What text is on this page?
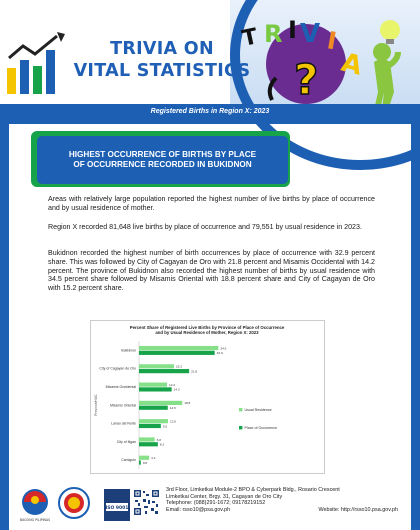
TRIVIA ON
VITAL STATISTICS
T R I V I
A
?
Registered Births in Region X: 2023
HIGHEST OCCURRENCE OF BIRTHS BY PLACE OF OCCURRENCE RECORDED IN BUKIDNON

Areas with relatively large population reported the highest number of live births by place of occurrence and by usual residence of mother.

Region X recorded 81,648 live births by place of occurrence and 79,551 by usual residence in 2023.

Bukidnon recorded the highest number of birth occurrences by place of occurrence with 32.9 percent share. This was followed by City of Cagayan de Oro with 21.8 percent and Misamis Occidental with 14.2 percent. The province of Bukidnon also recorded the highest number of births by usual residence with 34.5 percent share followed by Misamis Oriental with 18.8 percent share and City of Cagayan de Oro with 15.2 percent share.

Percent Share of Registered Live Births by Province of Place of Occurrence and by Usual Residence of Mother, Region X: 2023
Province/HUC
Bukidnon
34.5
32.9
City of Cagayan de Oro
15.2
21.8
Misamis Occidental
12.2
14.2
Misamis Oriental
18.8
12.5
Lanao del Norte
12.6
9.5
City of Iligan
6.8
8.2
Camiguin
4.4
0.8
Usual Residence
Place of Occurrence
BAGONG PILIPINAS
ISO 9001
3rd Floor, Limketkai Module-2 BPO & Cyberpark Bldg., Rosario Crescent
Limketkai Center, Brgy. 31, Cagayan de Oro City
Telephone: (088)291-1672; 09178219152
Email: rsso10@psa.gov.ph	Website: http://rsso10.psa.gov.ph
